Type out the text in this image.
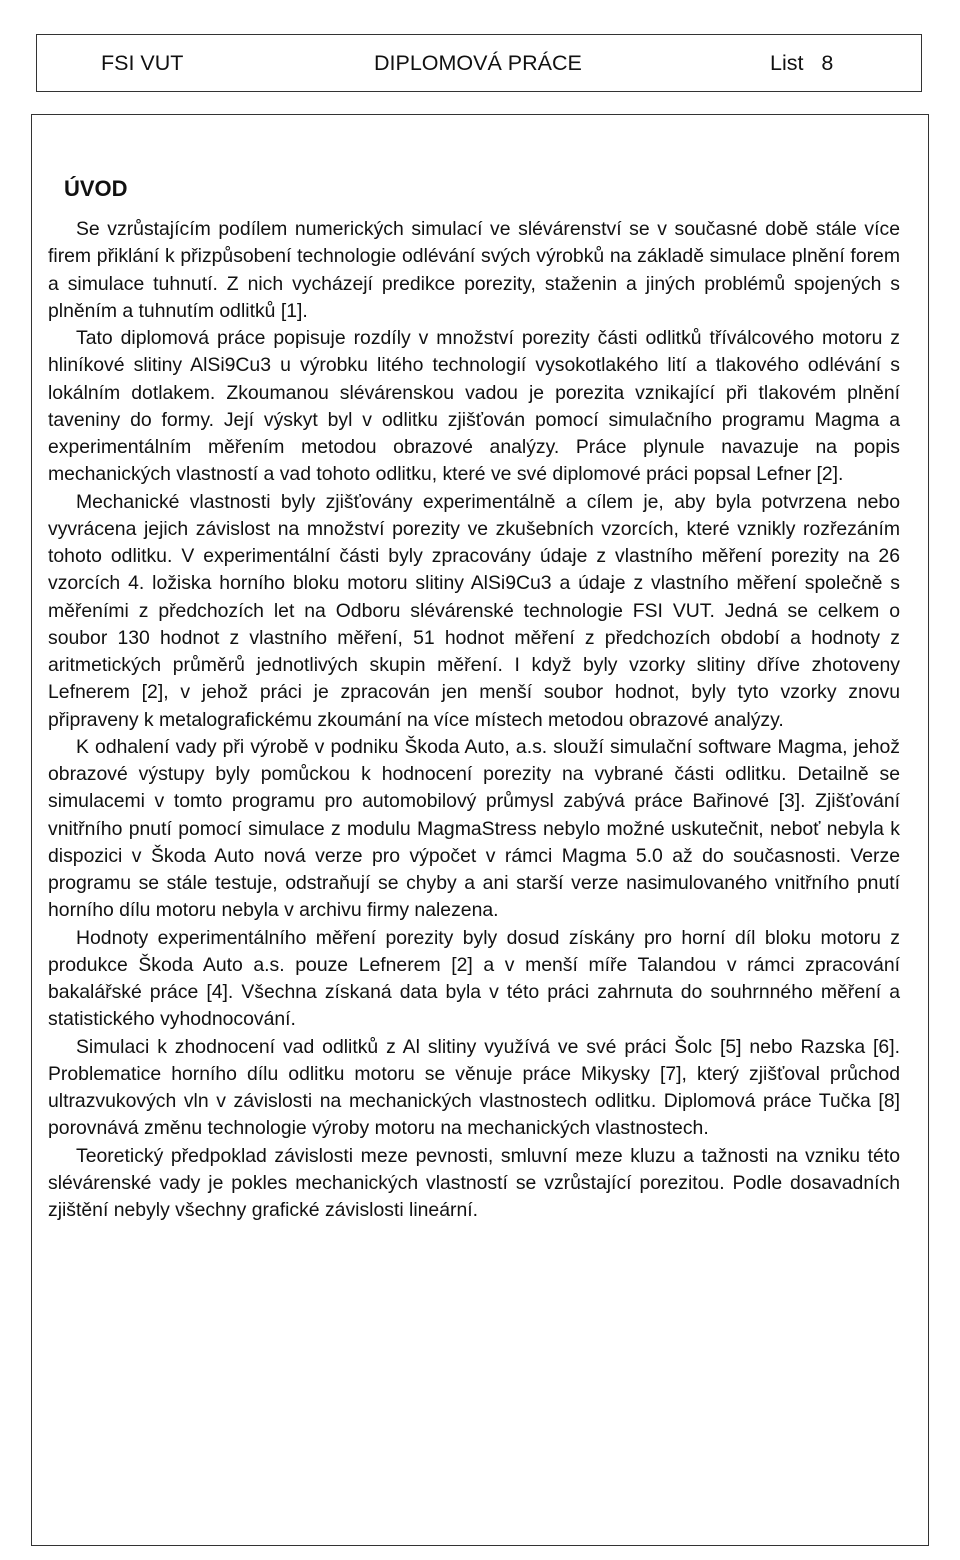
FSI VUT	DIPLOMOVÁ PRÁCE	List   8
ÚVOD

Se vzrůstajícím podílem numerických simulací ve slévárenství se v současné době stále více firem přiklání k přizpůsobení technologie odlévání svých výrobků na základě simulace plnění forem a simulace tuhnutí. Z nich vycházejí predikce porezity, staženin a jiných problémů spojených s plněním a tuhnutím odlitků [1].

Tato diplomová práce popisuje rozdíly v množství porezity části odlitků tříválcového motoru z hliníkové slitiny AlSi9Cu3 u výrobku litého technologií vysokotlakého lití a tlakového odlévání s lokálním dotlakem. Zkoumanou slévárenskou vadou je porezita vznikající při tlakovém plnění taveniny do formy. Její výskyt byl v odlitku zjišťován pomocí simulačního programu Magma a experimentálním měřením metodou obrazové analýzy. Práce plynule navazuje na popis mechanických vlastností a vad tohoto odlitku, které ve své diplomové práci popsal Lefner [2].

Mechanické vlastnosti byly zjišťovány experimentálně a cílem je, aby byla potvrzena nebo vyvrácena jejich závislost na množství porezity ve zkušebních vzorcích, které vznikly rozřezáním tohoto odlitku. V experimentální části byly zpracovány údaje z vlastního měření porezity na 26 vzorcích 4. ložiska horního bloku motoru slitiny AlSi9Cu3 a údaje z vlastního měření společně s měřeními z předchozích let na Odboru slévárenské technologie FSI VUT. Jedná se celkem o soubor 130 hodnot z vlastního měření, 51 hodnot měření z předchozích období a hodnoty z aritmetických průměrů jednotlivých skupin měření. I když byly vzorky slitiny dříve zhotoveny Lefnerem [2], v jehož práci je zpracován jen menší soubor hodnot, byly tyto vzorky znovu připraveny k metalografickému zkoumání na více místech metodou obrazové analýzy.

K odhalení vady při výrobě v podniku Škoda Auto, a.s. slouží simulační software Magma, jehož obrazové výstupy byly pomůckou k hodnocení porezity na vybrané části odlitku. Detailně se simulacemi v tomto programu pro automobilový průmysl zabývá práce Bařinové [3]. Zjišťování vnitřního pnutí pomocí simulace z modulu MagmaStress nebylo možné uskutečnit, neboť nebyla k dispozici v Škoda Auto nová verze pro výpočet v rámci Magma 5.0 až do současnosti. Verze programu se stále testuje, odstraňují se chyby a ani starší verze nasimulovaného vnitřního pnutí horního dílu motoru nebyla v archivu firmy nalezena.

Hodnoty experimentálního měření porezity byly dosud získány pro horní díl bloku motoru z produkce Škoda Auto a.s. pouze Lefnerem [2] a v menší míře Talandou v rámci zpracování bakalářské práce [4]. Všechna získaná data byla v této práci zahrnuta do souhrnného měření a statistického vyhodnocování.

Simulaci k zhodnocení vad odlitků z Al slitiny využívá ve své práci Šolc [5] nebo Razska [6]. Problematice horního dílu odlitku motoru se věnuje práce Mikysky [7], který zjišťoval průchod ultrazvukových vln v závislosti na mechanických vlastnostech odlitku. Diplomová práce Tučka [8] porovnává změnu technologie výroby motoru na mechanických vlastnostech.

Teoretický předpoklad závislosti meze pevnosti, smluvní meze kluzu a tažnosti na vzniku této slévárenské vady je pokles mechanických vlastností se vzrůstající porezitou. Podle dosavadních zjištění nebyly všechny grafické závislosti lineární.
